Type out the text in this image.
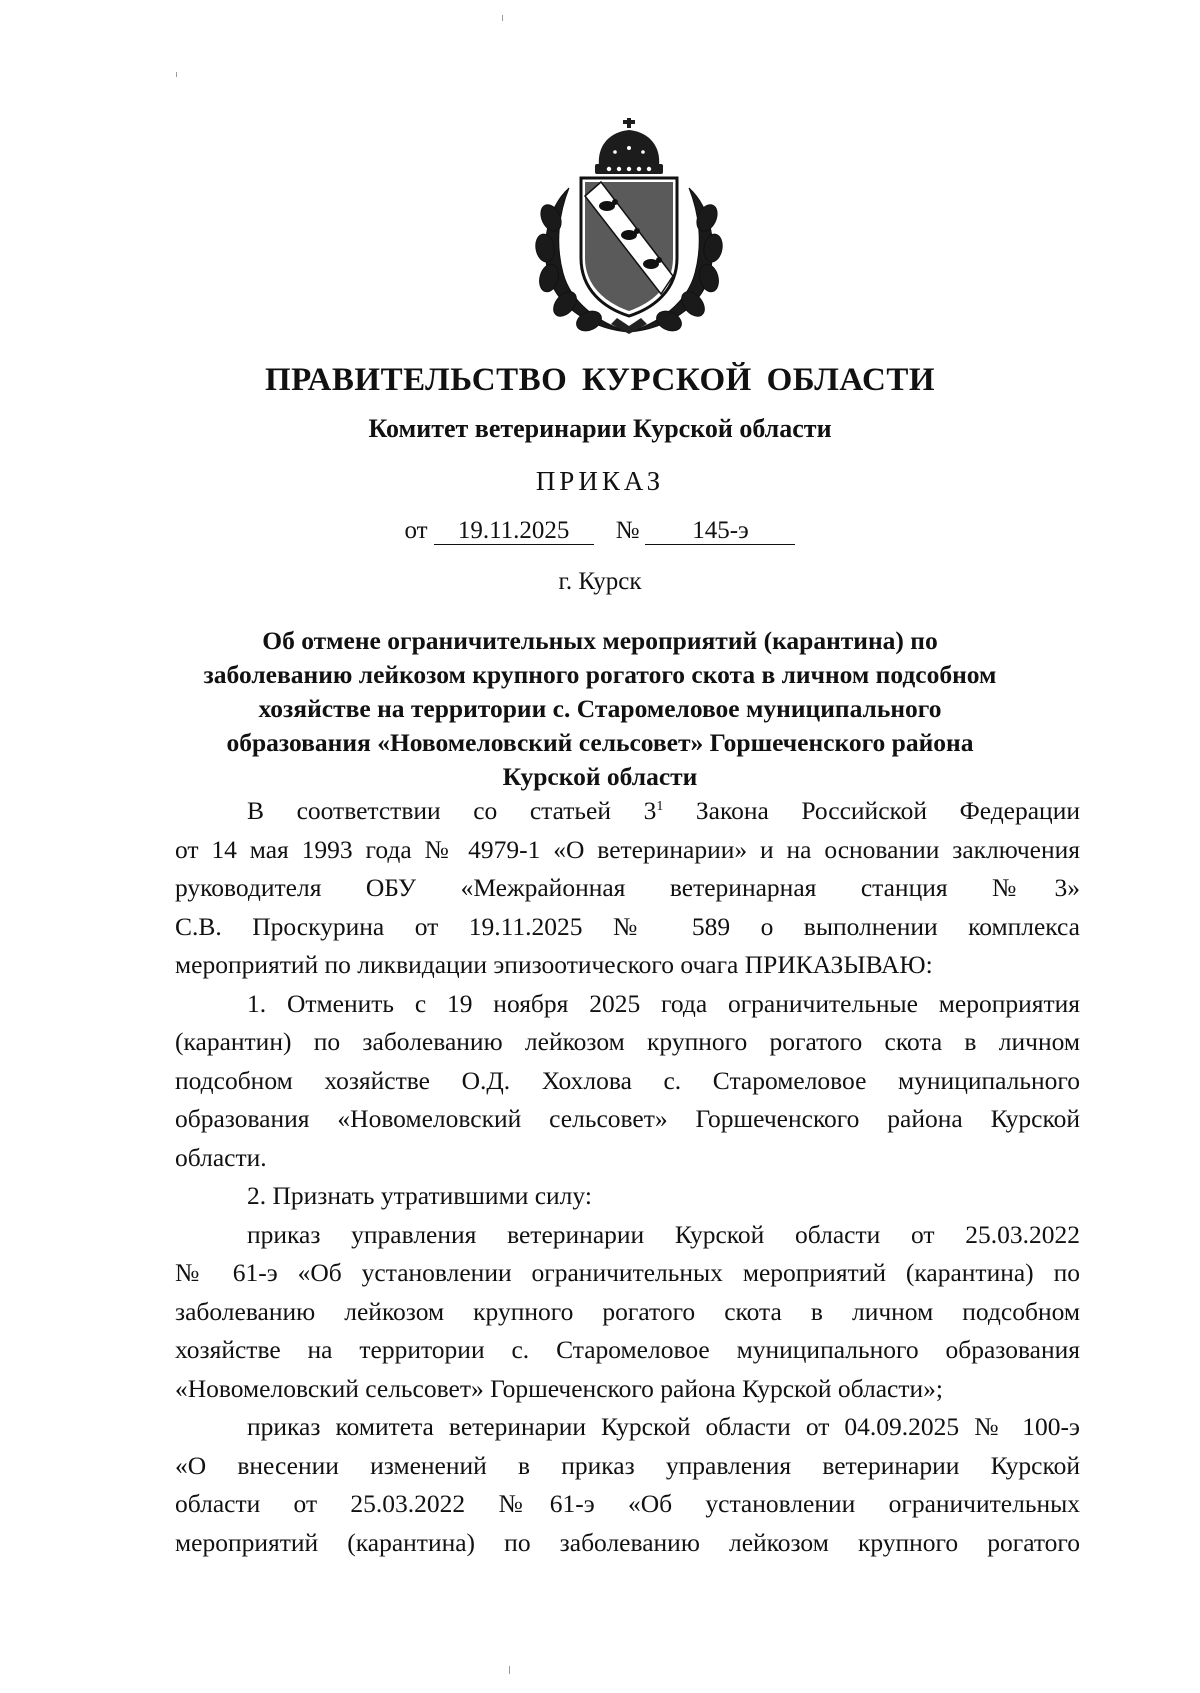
ПРАВИТЕЛЬСТВО КУРСКОЙ ОБЛАСТИ
Комитет ветеринарии Курской области
ПРИКАЗ
от 19.11.2025 № 145-э
г. Курск
Об отмене ограничительных мероприятий (карантина) по
заболеванию лейкозом крупного рогатого скота в личном подсобном
хозяйстве на территории с. Старомеловое муниципального
образования «Новомеловский сельсовет» Горшеченского района
Курской области
В соответствии со статьей $3^1$ Закона Российской Федерации
от 14 мая 1993 года № 4979-1 «О ветеринарии» и на основании заключения
руководителя ОБУ «Межрайонная ветеринарная станция №3»
С.В. Проскурина от 19.11.2025 № 589 о выполнении комплекса
мероприятий по ликвидации эпизоотического очага ПРИКАЗЫВАЮ:
1. Отменить с 19 ноября 2025 года ограничительные мероприятия
(карантин) по заболеванию лейкозом крупного рогатого скота в личном
подсобном хозяйстве О.Д. Хохлова с. Старомеловое муниципального
образования «Новомеловский сельсовет» Горшеченского района Курской
области.
2. Признать утратившими силу:
приказ управления ветеринарии Курской области от 25.03.2022
№ 61-э «Об установлении ограничительных мероприятий (карантина) по
заболеванию лейкозом крупного рогатого скота в личном подсобном
хозяйстве на территории с. Старомеловое муниципального образования
«Новомеловский сельсовет» Горшеченского района Курской области»;
приказ комитета ветеринарии Курской области от 04.09.2025 № 100-э
«О внесении изменений в приказ управления ветеринарии Курской
области от 25.03.2022 №61-э «Об установлении ограничительных
мероприятий (карантина) по заболеванию лейкозом крупного рогатого
